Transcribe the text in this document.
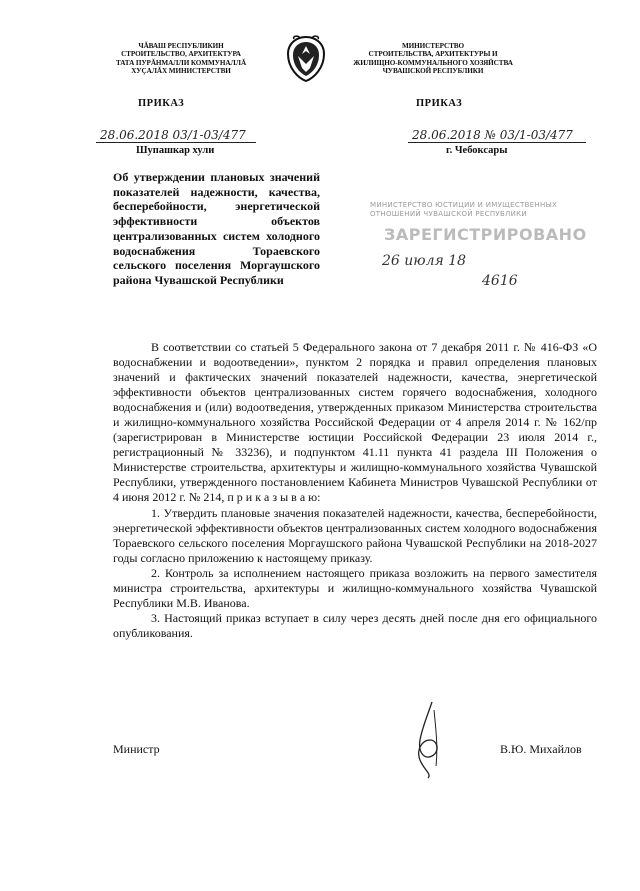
ЧĂВАШ РЕСПУБЛИКИН
СТРОИТЕЛЬСТВО, АРХИТЕКТУРА
ТАТА ПУРĂНМАЛЛИ КОММУНАЛЛĂ
ХУҪАЛĂХ МИНИСТЕРСТВИ
ПРИКАЗ
МИНИСТЕРСТВО
СТРОИТЕЛЬСТВА, АРХИТЕКТУРЫ И
ЖИЛИЩНО-КОММУНАЛЬНОГО ХОЗЯЙСТВА
ЧУВАШСКОЙ РЕСПУБЛИКИ
ПРИКАЗ
28.06.2018 03/1-03/477
Шупашкар хули
28.06.2018 № 03/1-03/477
г. Чебоксары
Об утверждении плановых значений показателей надежности, качества, бесперебойности, энергетической эффективности объектов централизованных систем холодного водоснабжения Тораевского сельского поселения Моргаушского района Чувашской Республики
МИНИСТЕРСТВО ЮСТИЦИИ И ИМУЩЕСТВЕННЫХ
ОТНОШЕНИЙ ЧУВАШСКОЙ РЕСПУБЛИКИ
ЗАРЕГИСТРИРОВАНО
26 июля 18
4616

В соответствии со статьей 5 Федерального закона от 7 декабря 2011 г. № 416-ФЗ «О водоснабжении и водоотведении», пунктом 2 порядка и правил определения плановых значений и фактических значений показателей надежности, качества, энергетической эффективности объектов централизованных систем горячего водоснабжения, холодного водоснабжения и (или) водоотведения, утвержденных приказом Министерства строительства и жилищно-коммунального хозяйства Российской Федерации от 4 апреля 2014 г. № 162/пр (зарегистрирован в Министерстве юстиции Российской Федерации 23 июля 2014 г., регистрационный № 33236), и подпунктом 41.11 пункта 41 раздела III Положения о Министерстве строительства, архитектуры и жилищно-коммунального хозяйства Чувашской Республики, утвержденного постановлением Кабинета Министров Чувашской Республики от 4 июня 2012 г. № 214, п р и к а з ы в а ю:

1. Утвердить плановые значения показателей надежности, качества, бесперебойности, энергетической эффективности объектов централизованных систем холодного водоснабжения Тораевского сельского поселения Моргаушского района Чувашской Республики на 2018-2027 годы согласно приложению к настоящему приказу.

2. Контроль за исполнением настоящего приказа возложить на первого заместителя министра строительства, архитектуры и жилищно-коммунального хозяйства Чувашской Республики М.В. Иванова.

3. Настоящий приказ вступает в силу через десять дней после дня его официального опубликования.

Министр	В.Ю. Михайлов
